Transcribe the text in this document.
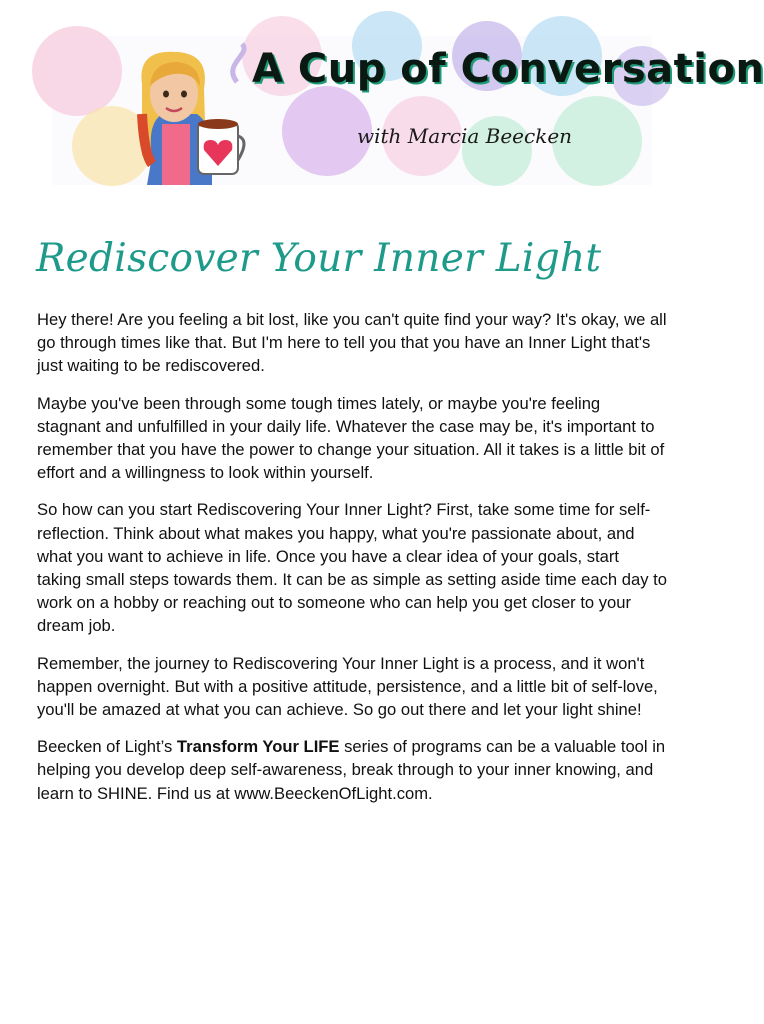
A Cup of Conversation
with Marcia Beecken
Rediscover Your Inner Light

Hey there! Are you feeling a bit lost, like you can't quite find your way? It's okay, we all go through times like that. But I'm here to tell you that you have an Inner Light that's just waiting to be rediscovered.

Maybe you've been through some tough times lately, or maybe you're feeling stagnant and unfulfilled in your daily life. Whatever the case may be, it's important to remember that you have the power to change your situation. All it takes is a little bit of effort and a willingness to look within yourself.

So how can you start Rediscovering Your Inner Light? First, take some time for self-reflection. Think about what makes you happy, what you're passionate about, and what you want to achieve in life. Once you have a clear idea of your goals, start taking small steps towards them. It can be as simple as setting aside time each day to work on a hobby or reaching out to someone who can help you get closer to your dream job.

Remember, the journey to Rediscovering Your Inner Light is a process, and it won't happen overnight. But with a positive attitude, persistence, and a little bit of self-love, you'll be amazed at what you can achieve. So go out there and let your light shine!

Beecken of Light’s Transform Your LIFE series of programs can be a valuable tool in helping you develop deep self-awareness, break through to your inner knowing, and learn to SHINE. Find us at www.BeeckenOfLight.com.
